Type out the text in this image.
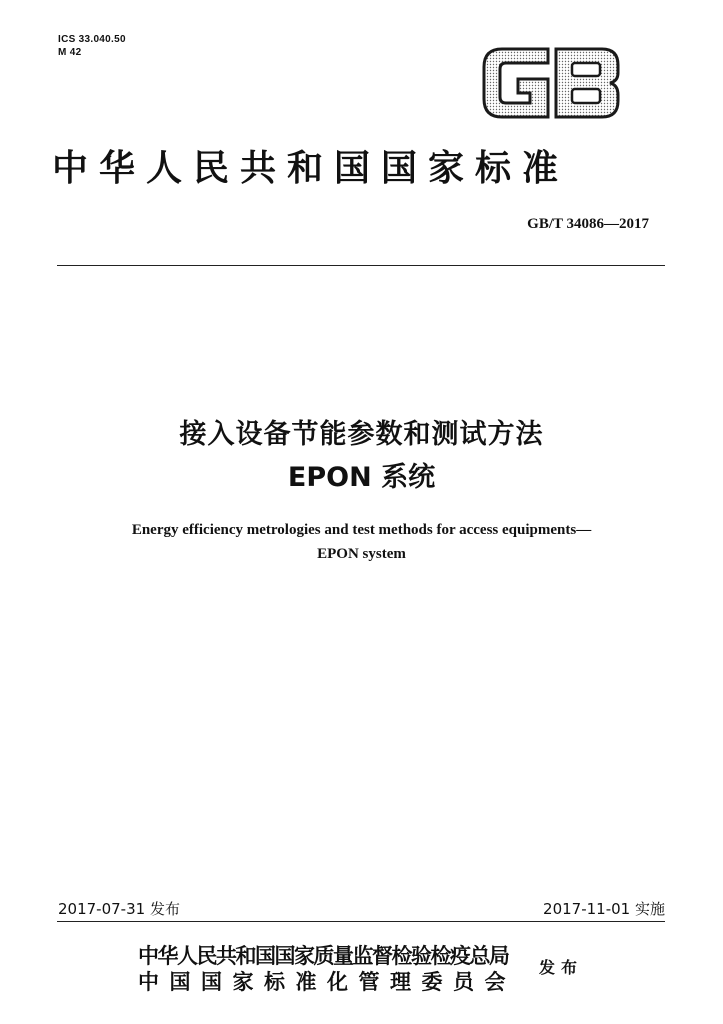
ICS 33.040.50
M 42
中华人民共和国国家标准
GB/T 34086—2017
接入设备节能参数和测试方法
EPON 系统
Energy efficiency metrologies and test methods for access equipments—
EPON system
2017-07-31 发布	2017-11-01 实施
中华人民共和国国家质量监督检验检疫总局
中国国家标准化管理委员会
发布
